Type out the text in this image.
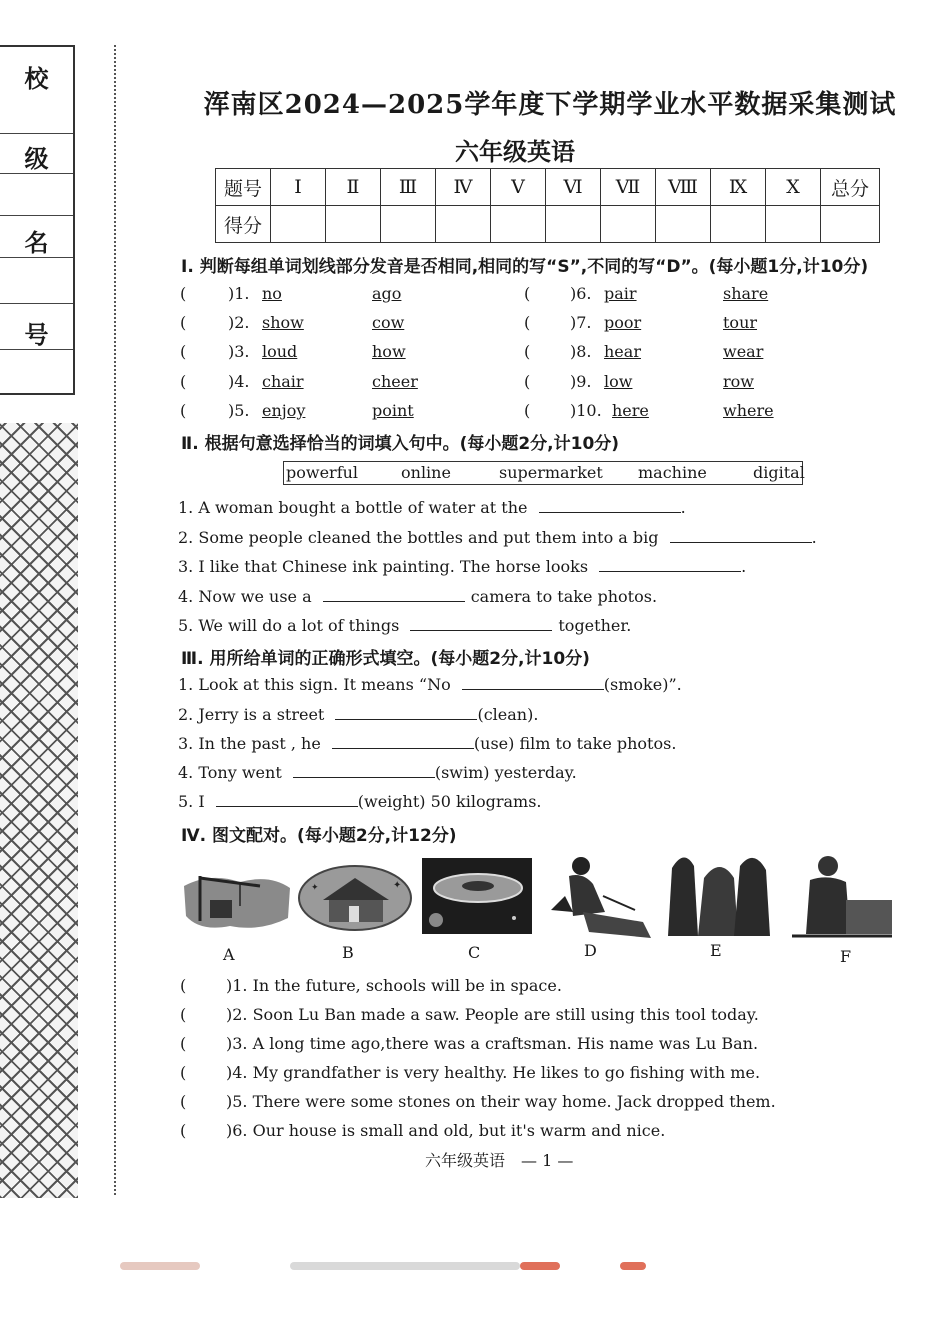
校
级
名
号
浑南区2024—2025学年度下学期学业水平数据采集测试
六年级英语
题号	Ⅰ	Ⅱ	Ⅲ	Ⅳ	Ⅴ	Ⅵ	Ⅶ	Ⅷ	Ⅸ	Ⅹ	总分
得分											
Ⅰ. 判断每组单词划线部分发音是否相同,相同的写“S”,不同的写“D”。(每小题1分,计10分)
(	)1. no	ago
(	)2. show	cow
(	)3. loud	how
(	)4. chair	cheer
(	)5. enjoy	point
( )6. pair	share
( )7. poor	tour
( )8. hear	wear
( )9. low	row
( )10. here	where
Ⅱ. 根据句意选择恰当的词填入句中。(每小题2分,计10分)
powerful	online	supermarket machine	digital
1. A woman bought a bottle of water at the	.
2. Some people cleaned the bottles and put them into a big	.
3. I like that Chinese ink painting. The horse looks	.
4. Now we use a	camera to take photos.
5. We will do a lot of things	together.
Ⅲ. 用所给单词的正确形式填空。(每小题2分,计10分)
1. Look at this sign. It means “No	(smoke)”.
2. Jerry is a street	(clean).
3. In the past , he	(use) film to take photos.
4. Tony went	(swim) yesterday.
5. I	(weight) 50 kilograms.
Ⅳ. 图文配对。(每小题2分,计12分)
✦
✦
A	B	C	D	E	F
( )1. In the future, schools will be in space.
( )2. Soon Lu Ban made a saw. People are still using this tool today.
( )3. A long time ago,there was a craftsman. His name was Lu Ban.
( )4. My grandfather is very healthy. He likes to go fishing with me.
( )5. There were some stones on their way home. Jack dropped them.
( )6. Our house is small and old, but it's warm and nice.
六年级英语　— 1 —
